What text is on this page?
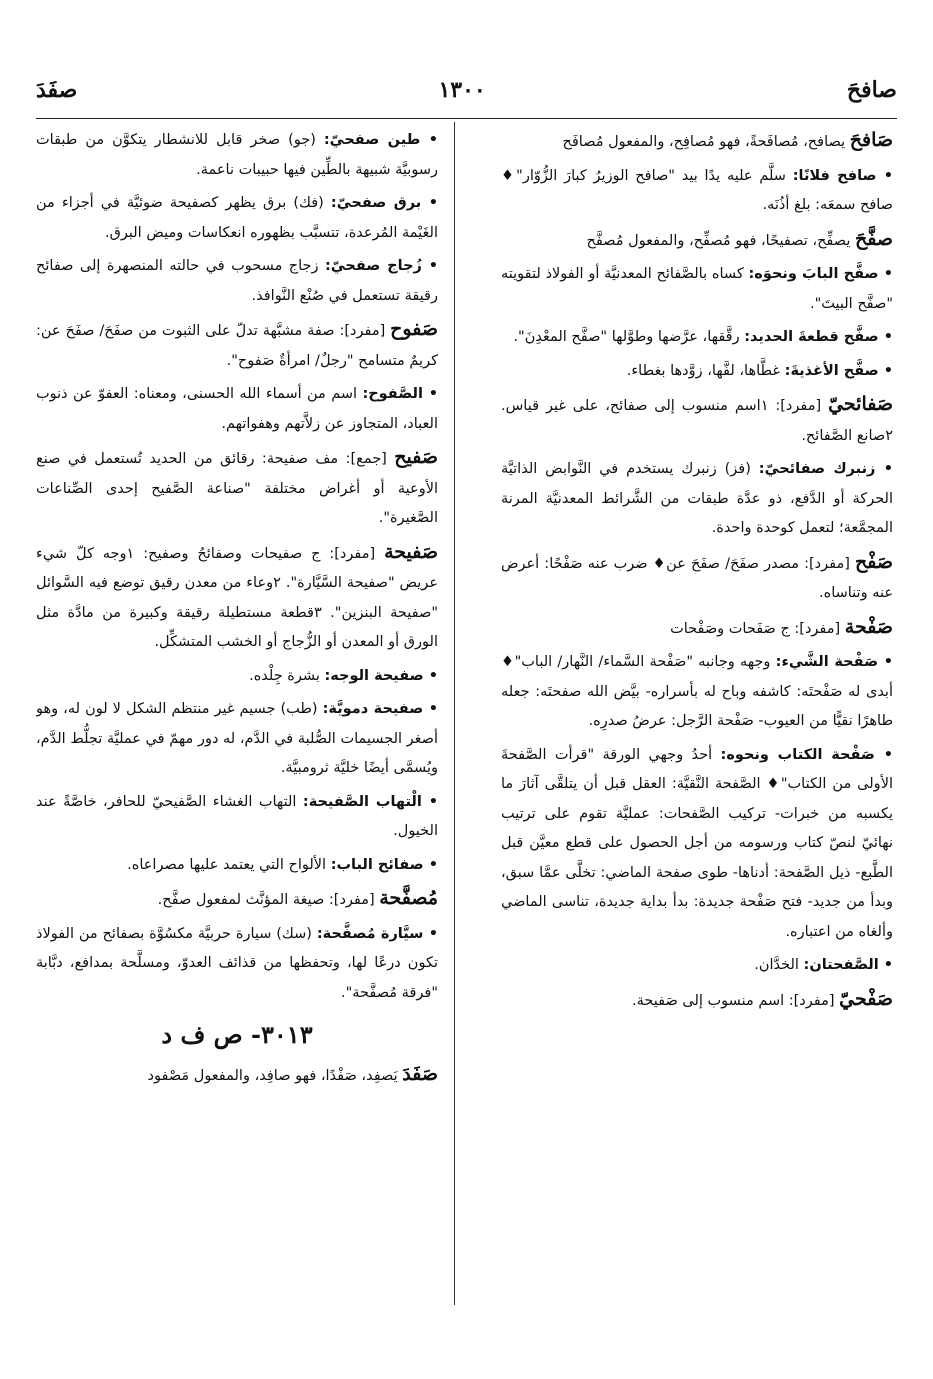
صفَدَ	١٣٠٠	صافحَ

صَافحَ يصافح، مُصافَحةً، فهو مُصافِح، والمفعول مُصافَح

• صافح فلانًا: سلَّم عليه يدًا بيد "صافح الوزيرُ كبارَ الزُّوّار"♦ صافح سمعَه: بلغ أذُنَه.

صفَّحَ يصفِّح، تصفيحًا، فهو مُصفِّح، والمفعول مُصفَّح

• صفَّح البابَ ونحوَه: كساه بالصَّفائح المعدنيَّة أو الفولاذ لتقويته "صفَّح البيتَ".

• صفَّح قطعةَ الحديد: رقَّقها، عرَّضها وطوَّلها "صفَّح المعْدِنَ".

• صفَّح الأغذيةَ: غطَّاها، لفَّها، زوَّدها بغطاء.

صَفائحيّ [مفرد]: ١اسم منسوب إلى صفائح، على غير قياس. ٢صانع الصَّفائح.

• زنبرك صفائحيّ: (فز) زنبرك يستخدم في النَّوابض الذاتيَّة الحركة أو الدَّفع، ذو عدَّة طبقات من الشَّرائط المعدنيَّة المرنة المجمَّعة؛ لتعمل كوحدة واحدة.

صَفْح [مفرد]: مصدر صفَحَ/ صفَحَ عن♦ ضرب عنه صَفْحًا: أعرض عنه وتناساه.

صَفْحة [مفرد]: ج صَفَحات وصَفْحات

• صَفْحة الشَّيء: وجهه وجانبه "صَفْحة السَّماء/ النَّهار/ الباب"♦ أبدى له صَفْحتَه: كاشفه وباح له بأسراره- بيَّض الله صفحتَه: جعله طاهرًا نقيًّا من العيوب- صَفْحة الرَّجل: عرضُ صدرِه.

• صَفْحة الكتاب ونحوه: أحدُ وجهي الورقة "قرأت الصَّفحةَ الأولى من الكتاب"♦ الصَّفحة النَّقيَّة: العقل قبل أن يتلقَّى آثارَ ما يكسبه من خبرات- تركيب الصَّفحات: عمليَّة تقوم على ترتيب نهائيّ لنصّ كتاب ورسومه من أجل الحصول على قطع معيَّن قبل الطَّبع- ذيل الصَّفحة: أدناها- طوى صفحة الماضي: تخلَّى عمَّا سبق، وبدأ من جديد- فتح صَفْحة جديدة: بدأ بداية جديدة، تناسى الماضي وألغاه من اعتباره.

• الصَّفحتان: الخدَّان.

صَفْحيّ [مفرد]: اسم منسوب إلى صَفيحة.

• طين صفحيّ: (جو) صخر قابل للانشطار يتكوَّن من طبقات رسوبيَّة شبيهة بالطِّين فيها حبيبات ناعمة.

• برق صفحيّ: (فك) برق يظهر كصفيحة ضوئيَّة في أجزاء من الغَيْمة المُرعدة، تتسبَّب بظهوره انعكاسات وميض البرق.

• زُجاج صفحيّ: زجاج مسحوب في حالته المنصهرة إلى صفائح رقيقة تستعمل في صُنْع النَّوافذ.

صَفوح [مفرد]: صفة مشبَّهة تدلّ على الثبوت من صفَحَ/ صفَحَ عن: كريمٌ متسامح "رجلٌ/ امرأةٌ صَفوح".

• الصَّفوح: اسم من أسماء الله الحسنى، ومعناه: العفوّ عن ذنوب العباد، المتجاوز عن زلاَّتهم وهفواتهم.

صَفيح [جمع]: مف صفيحة: رقائق من الحديد تُستعمل في صنع الأوعية أو أغراض مختلفة "صناعة الصَّفيح إحدى الصِّناعات الصَّغيرة".

صَفيحة [مفرد]: ج صفيحات وصفائحُ وصفيح: ١وجه كلّ شيء عريض "صفيحة السَّيَّارة". ٢وعاء من معدن رقيق توضع فيه السَّوائل "صفيحة البنزين". ٣قطعة مستطيلة رقيقة وكبيرة من مادَّة مثل الورق أو المعدن أو الزُّجاج أو الخشب المتشكِّل.

• صفيحة الوجه: بشرة جِلْده.

• صفيحة دمويَّة: (طب) جسيم غير منتظم الشكل لا لون له، وهو أصغر الجسيمات الصُّلبة في الدَّم، له دور مهمّ في عمليَّة تجلُّط الدَّم، ويُسمَّى أيضًا خليَّة ثرومبيَّة.

• الْتهاب الصَّفيحة: التهاب الغشاء الصَّفيحيّ للحافر، خاصَّةً عند الخيول.

• صفائح الباب: الألواح التي يعتمد عليها مصراعاه.

مُصفَّحة [مفرد]: صيغة المؤنَّث لمفعول صفَّح.

• سيَّارة مُصفَّحة: (سك) سيارة حربيَّة مكسُوَّة بصفائح من الفولاذ تكون درعًا لها، وتحفظها من قذائف العدوّ، ومسلَّحة بمدافع، دبَّابة "فرقة مُصفَّحة".

٣٠١٣- ص ف د

صَفَدَ يَصفِد، صَفْدًا، فهو صافِد، والمفعول مَصْفود
